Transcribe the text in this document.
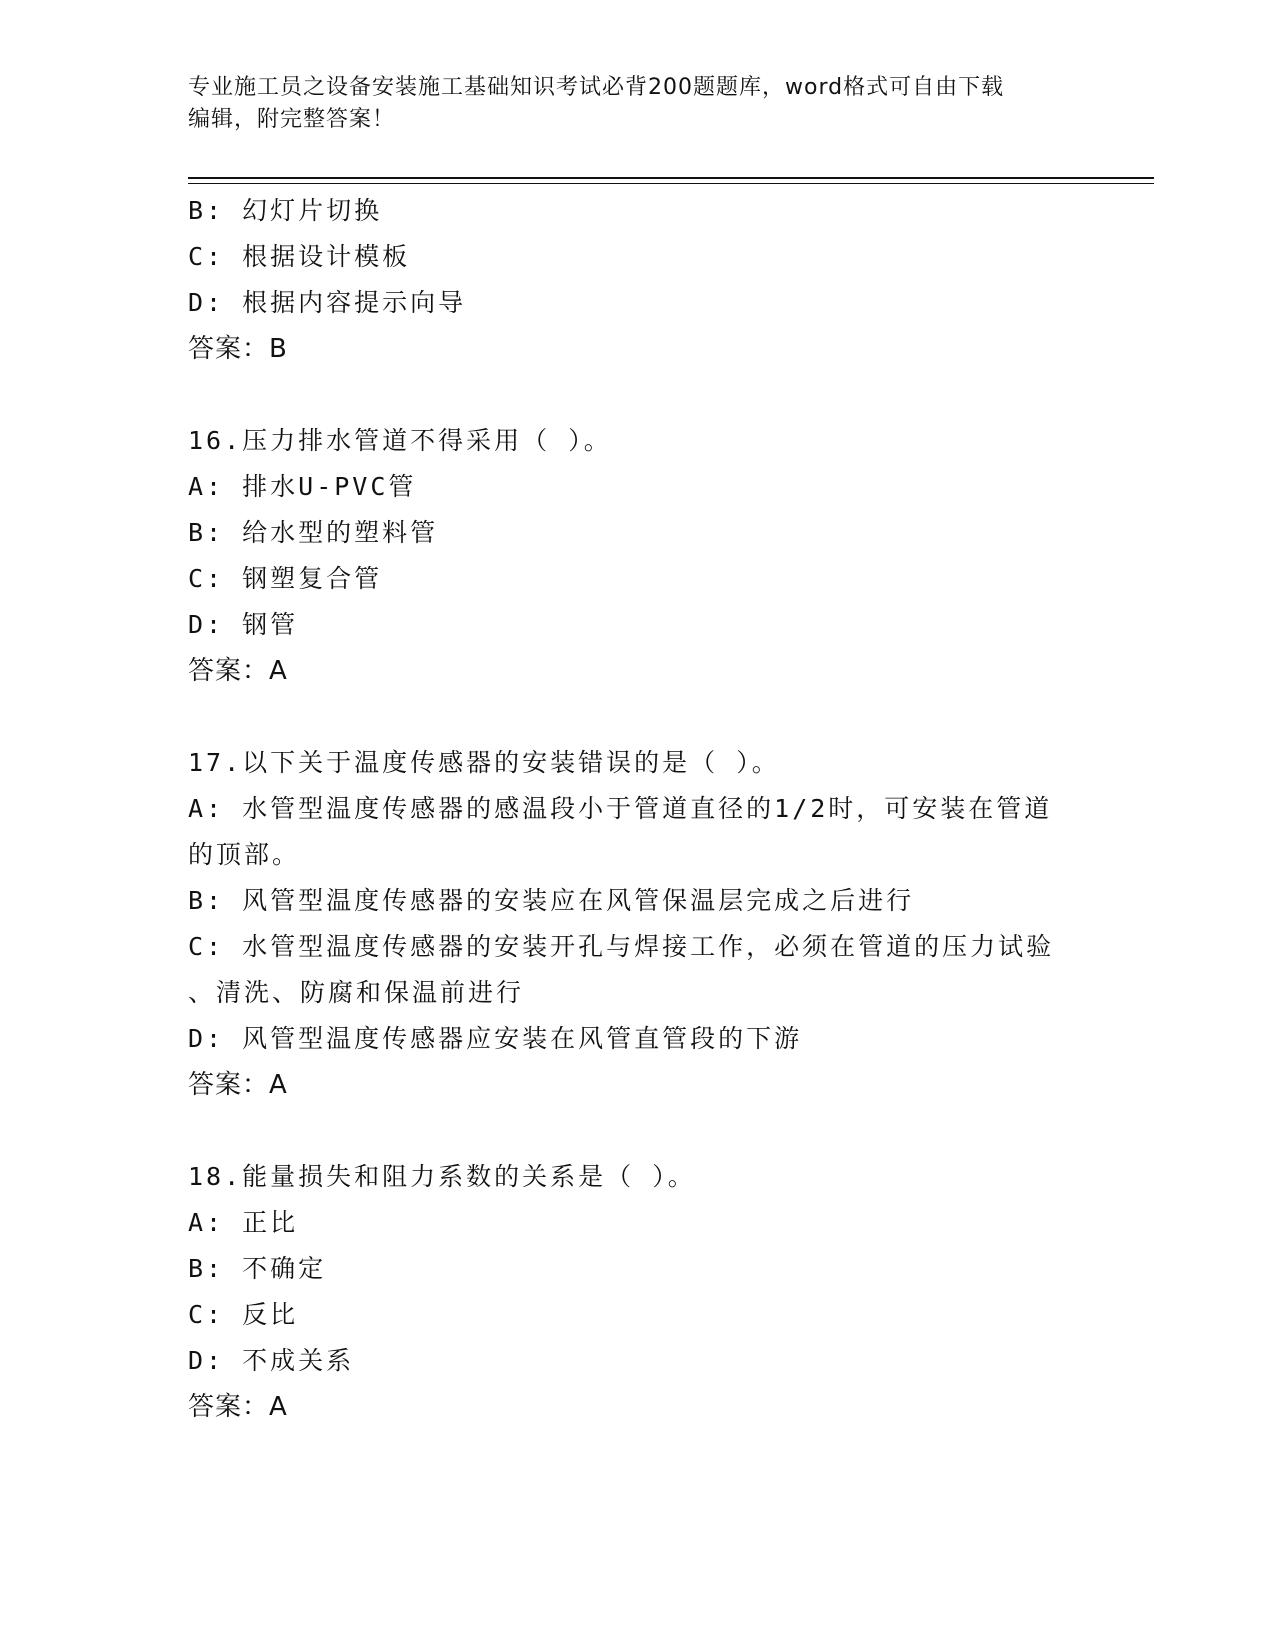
专业施工员之设备安装施工基础知识考试必背200题题库，word格式可自由下载
编辑，附完整答案！
B: 幻灯片切换
C: 根据设计模板
D: 根据内容提示向导
答案：B
16.压力排水管道不得采用（ ）。
A: 排水U-PVC管
B: 给水型的塑料管
C: 钢塑复合管
D: 钢管
答案：A
17.以下关于温度传感器的安装错误的是（ ）。
A: 水管型温度传感器的感温段小于管道直径的1/2时，可安装在管道
的顶部。
B: 风管型温度传感器的安装应在风管保温层完成之后进行
C: 水管型温度传感器的安装开孔与焊接工作，必须在管道的压力试验
、清洗、防腐和保温前进行
D: 风管型温度传感器应安装在风管直管段的下游
答案：A
18.能量损失和阻力系数的关系是（ ）。
A: 正比
B: 不确定
C: 反比
D: 不成关系
答案：A
